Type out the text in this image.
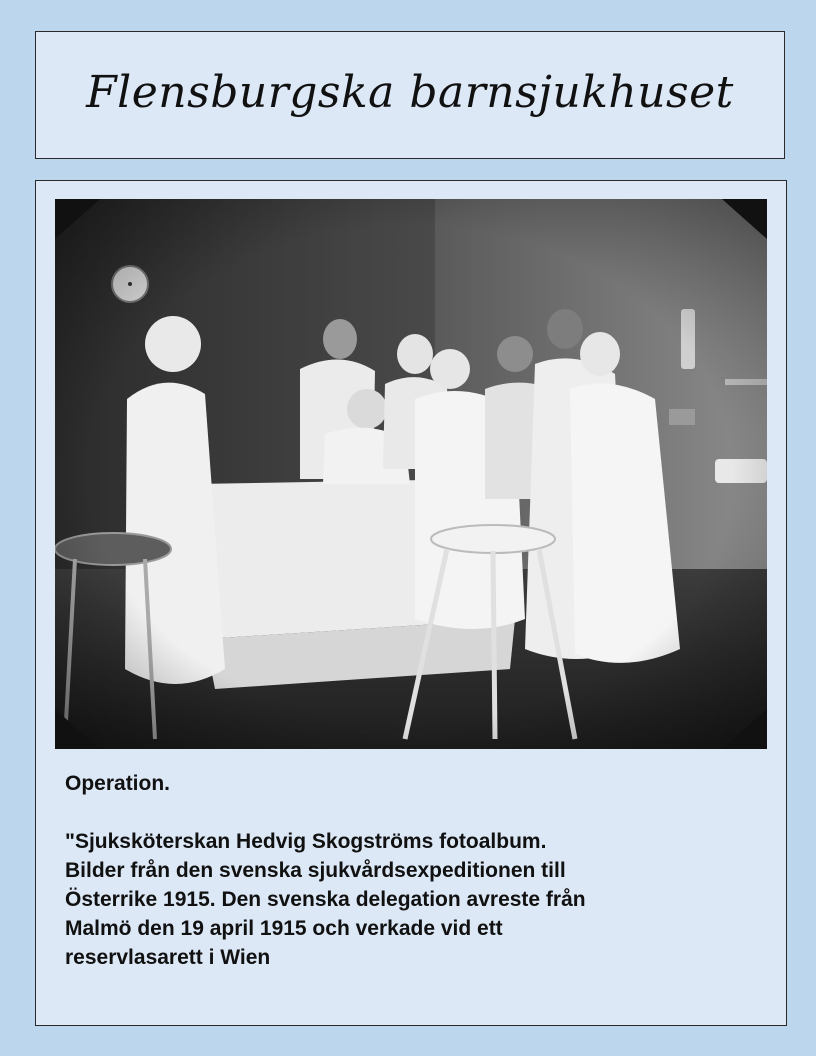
Flensburgska barnsjukhuset

Operation.

"Sjuksköterskan Hedvig Skogströms fotoalbum.

Bilder från den svenska sjukvårdsexpeditionen till

Österrike 1915. Den svenska delegation avreste från

Malmö den 19 april 1915 och verkade vid ett

reservlasarett i Wien
